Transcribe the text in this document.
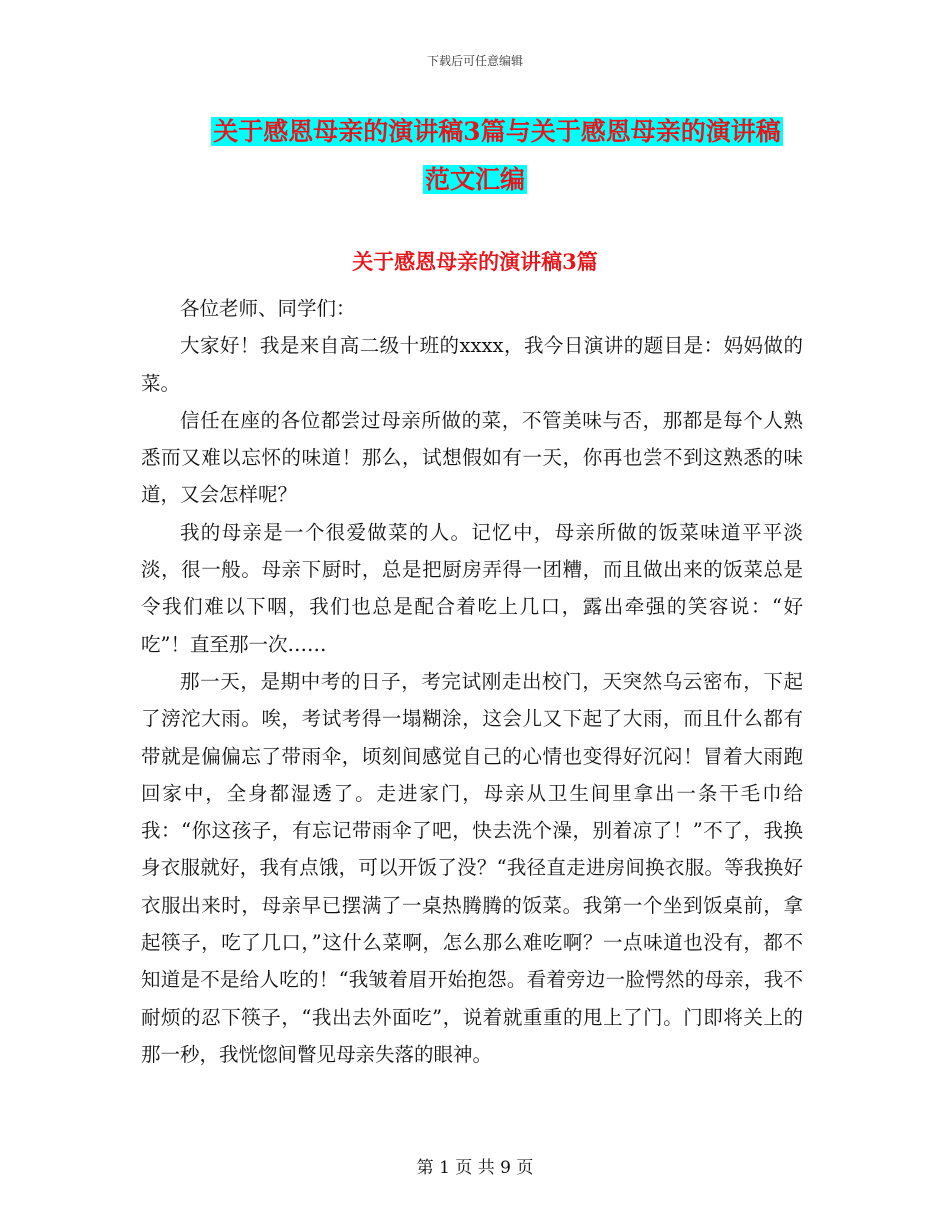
下载后可任意编辑
关于感恩母亲的演讲稿3篇与关于感恩母亲的演讲稿
范文汇编
关于感恩母亲的演讲稿3篇

各位老师、同学们：

大家好！我是来自高二级十班的xxxx，我今日演讲的题目是：妈妈做的菜。

信任在座的各位都尝过母亲所做的菜，不管美味与否，那都是每个人熟悉而又难以忘怀的味道！那么，试想假如有一天，你再也尝不到这熟悉的味道，又会怎样呢？

我的母亲是一个很爱做菜的人。记忆中，母亲所做的饭菜味道平平淡淡，很一般。母亲下厨时，总是把厨房弄得一团糟，而且做出来的饭菜总是令我们难以下咽，我们也总是配合着吃上几口，露出牵强的笑容说：“好吃”！直至那一次……

那一天，是期中考的日子，考完试刚走出校门，天突然乌云密布，下起了滂沱大雨。唉，考试考得一塌糊涂，这会儿又下起了大雨，而且什么都有带就是偏偏忘了带雨伞，顷刻间感觉自己的心情也变得好沉闷！冒着大雨跑回家中，全身都湿透了。走进家门，母亲从卫生间里拿出一条干毛巾给我：“你这孩子，有忘记带雨伞了吧，快去洗个澡，别着凉了！”不了，我换身衣服就好，我有点饿，可以开饭了没？“我径直走进房间换衣服。等我换好衣服出来时，母亲早已摆满了一桌热腾腾的饭菜。我第一个坐到饭桌前，拿起筷子，吃了几口，”这什么菜啊，怎么那么难吃啊？一点味道也没有，都不知道是不是给人吃的！“我皱着眉开始抱怨。看着旁边一脸愕然的母亲，我不耐烦的忍下筷子，“我出去外面吃”，说着就重重的甩上了门。门即将关上的那一秒，我恍惚间瞥见母亲失落的眼神。

第 1 页 共 9 页
